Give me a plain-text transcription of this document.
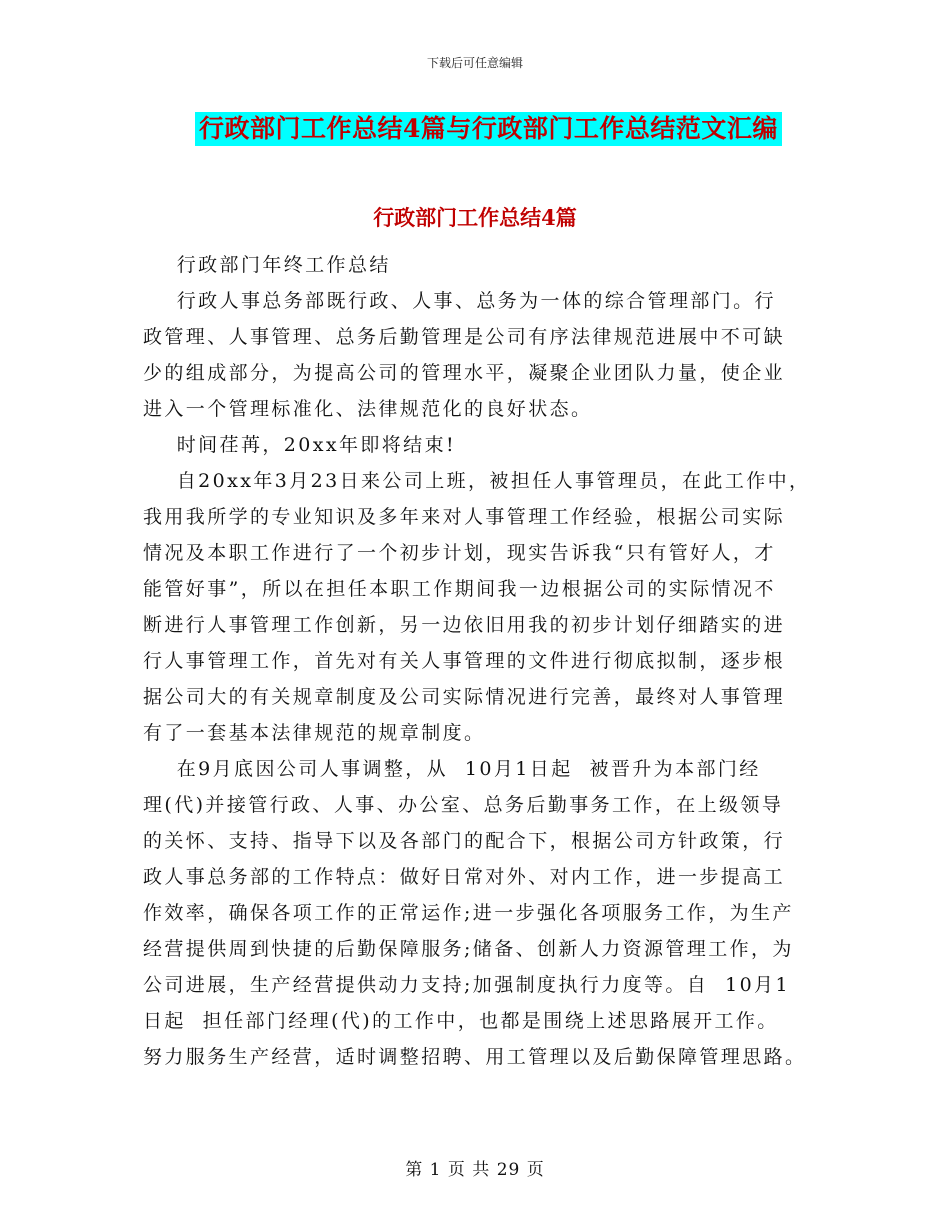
下载后可任意编辑
行政部门工作总结4篇与行政部门工作总结范文汇编
行政部门工作总结4篇
行政部门年终工作总结
行政人事总务部既行政、人事、总务为一体的综合管理部门。行
政管理、人事管理、总务后勤管理是公司有序法律规范进展中不可缺
少的组成部分，为提高公司的管理水平，凝聚企业团队力量，使企业
进入一个管理标准化、法律规范化的良好状态。
时间荏苒，20xx年即将结束!
自20xx年3月23日来公司上班，被担任人事管理员，在此工作中，
我用我所学的专业知识及多年来对人事管理工作经验，根据公司实际
情况及本职工作进行了一个初步计划，现实告诉我“只有管好人，才
能管好事”，所以在担任本职工作期间我一边根据公司的实际情况不
断进行人事管理工作创新，另一边依旧用我的初步计划仔细踏实的进
行人事管理工作，首先对有关人事管理的文件进行彻底拟制，逐步根
据公司大的有关规章制度及公司实际情况进行完善，最终对人事管理
有了一套基本法律规范的规章制度。
在9月底因公司人事调整，从  10月1日起  被晋升为本部门经
理(代)并接管行政、人事、办公室、总务后勤事务工作，在上级领导
的关怀、支持、指导下以及各部门的配合下，根据公司方针政策，行
政人事总务部的工作特点：做好日常对外、对内工作，进一步提高工
作效率，确保各项工作的正常运作;进一步强化各项服务工作，为生产
经营提供周到快捷的后勤保障服务;储备、创新人力资源管理工作，为
公司进展，生产经营提供动力支持;加强制度执行力度等。自  10月1
日起  担任部门经理(代)的工作中，也都是围绕上述思路展开工作。
努力服务生产经营，适时调整招聘、用工管理以及后勤保障管理思路。
第 1 页 共 29 页
